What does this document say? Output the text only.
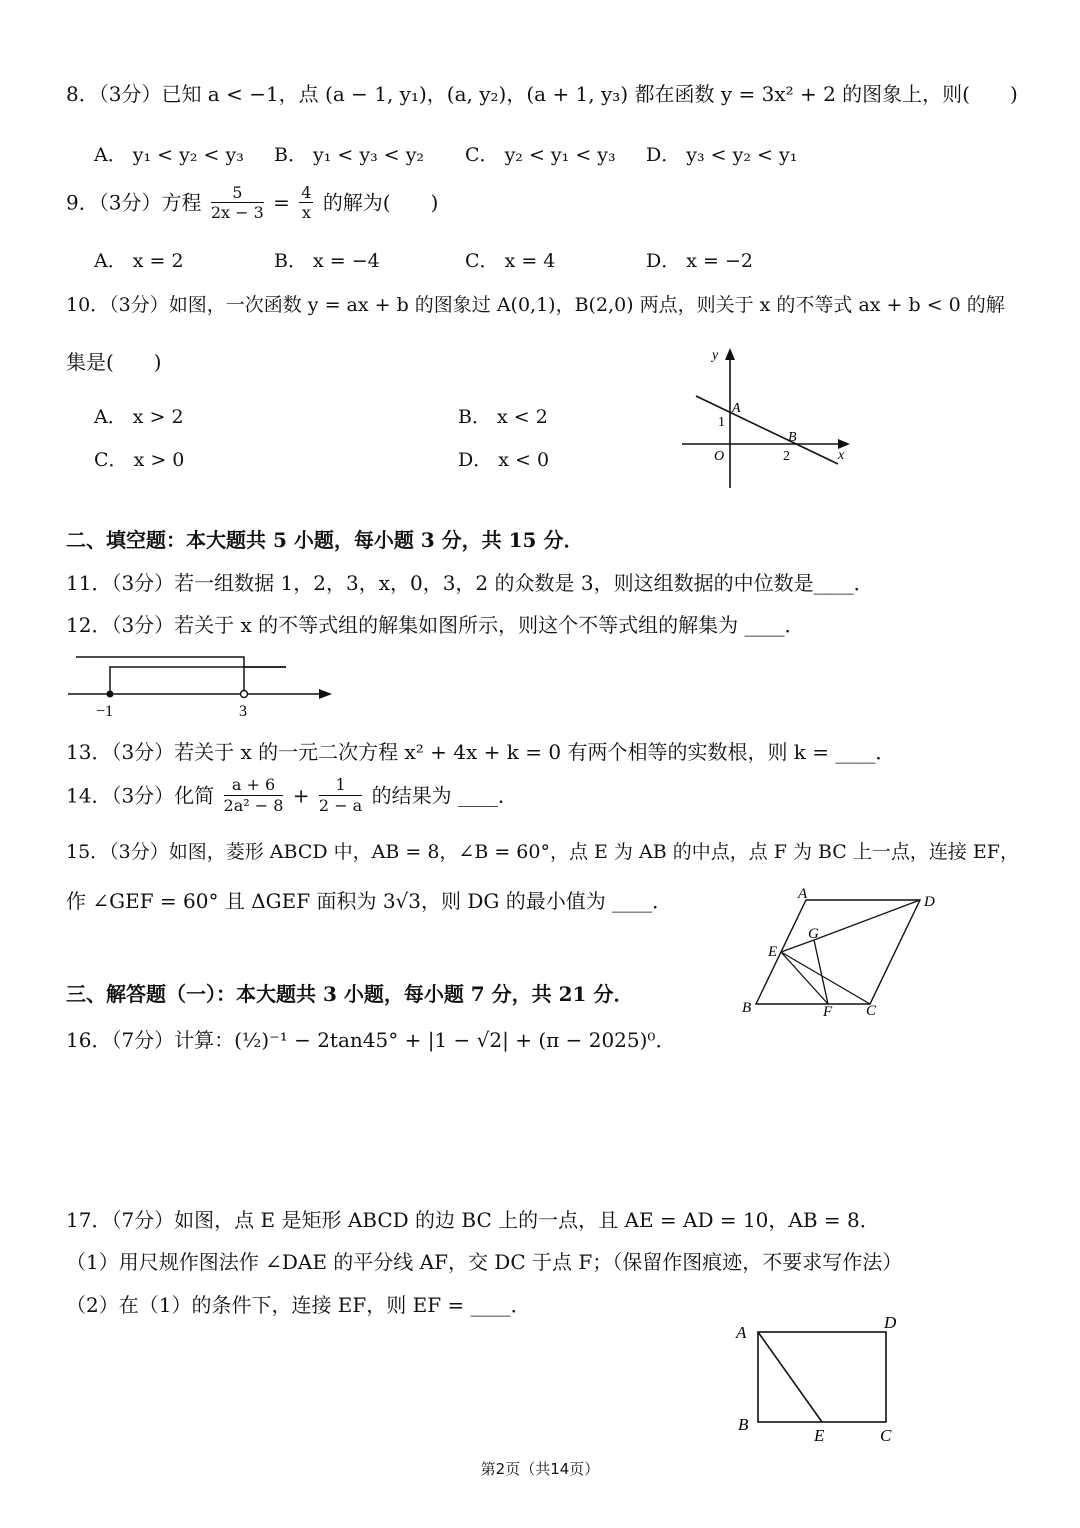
8．（3分）已知 a < −1，点 (a − 1, y₁)，(a, y₂)，(a + 1, y₃) 都在函数 y = 3x² + 2 的图象上，则(　　)
A． y₁ < y₂ < y₃ B． y₁ < y₃ < y₂ C． y₂ < y₁ < y₃ D． y₃ < y₂ < y₁
9．（3分）方程 $\frac{5}{2x - 3} = \frac{4}{x}$ 的解为(　　)
A． x = 2	B． x = −4	C． x = 4	D． x = −2
10．（3分）如图，一次函数 y = ax + b 的图象过 A(0,1)，B(2,0) 两点，则关于 x 的不等式 ax + b < 0 的解
集是(　　)
A． x > 2	B． x < 2
C． x > 0	D． x < 0
y
A
1
B
O	2	x
二、填空题：本大题共 5 小题，每小题 3 分，共 15 分．
11．（3分）若一组数据 1，2，3，x，0，3，2 的众数是 3，则这组数据的中位数是____．
12．（3分）若关于 x 的不等式组的解集如图所示，则这个不等式组的解集为 ____．
−1	3
13．（3分）若关于 x 的一元二次方程 x² + 4x + k = 0 有两个相等的实数根，则 k = ____．
14．（3分）化简 $\frac{a + 6}{\text{2a² − 8}} + \frac{1}{2 - a}$ 的结果为 ____．
15．（3分）如图，菱形 ABCD 中，AB = 8，∠B = 60°，点 E 为 AB 的中点，点 F 为 BC 上一点，连接 EF，
作 ∠GEF = 60° 且 ΔGEF 面积为 3√3，则 DG 的最小值为 ____．	A	D
G
E
B	F C
三、解答题（一）：本大题共 3 小题，每小题 7 分，共 21 分．
16．（7分）计算：(½)⁻¹ − 2tan45° + |1 − √2| + (π − 2025)⁰．
17．（7分）如图，点 E 是矩形 ABCD 的边 BC 上的一点，且 AE = AD = 10，AB = 8．
（1）用尺规作图法作 ∠DAE 的平分线 AF，交 DC 于点 F；（保留作图痕迹，不要求写作法）
（2）在（1）的条件下，连接 EF，则 EF = ____．
A
D
B
E	C
第2页（共14页）
